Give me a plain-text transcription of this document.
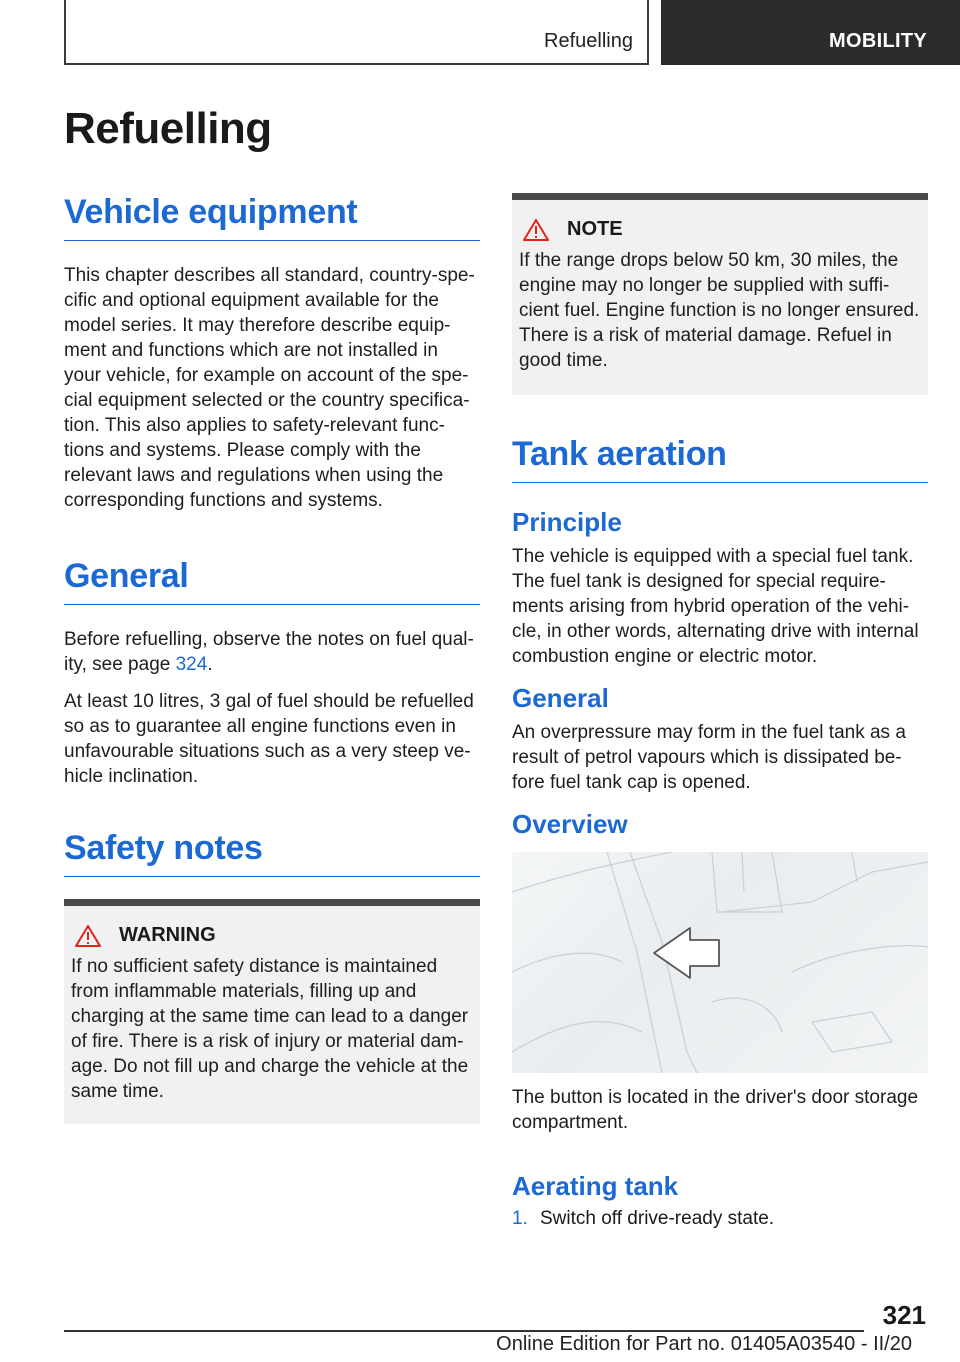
Refuelling	MOBILITY
Refuelling
Vehicle equipment

This chapter describes all standard, country-spe‐cific and optional equipment available for the model series. It may therefore describe equip‐ment and functions which are not installed in your vehicle, for example on account of the spe‐cial equipment selected or the country specifica‐tion. This also applies to safety-relevant func‐tions and systems. Please comply with the relevant laws and regulations when using the corresponding functions and systems.

General

Before refuelling, observe the notes on fuel qual‐ity, see page 324.

At least 10 litres, 3 gal of fuel should be refuelled so as to guarantee all engine functions even in unfavourable situations such as a very steep ve‐hicle inclination.

Safety notes
WARNING

If no sufficient safety distance is maintained from inflammable materials, filling up and charging at the same time can lead to a danger of fire. There is a risk of injury or material dam‐age. Do not fill up and charge the vehicle at the same time.

NOTE

If the range drops below 50 km, 30 miles, the engine may no longer be supplied with suffi‐cient fuel. Engine function is no longer ensured. There is a risk of material damage. Refuel in good time.

Tank aeration
Principle

The vehicle is equipped with a special fuel tank. The fuel tank is designed for special require‐ments arising from hybrid operation of the vehi‐cle, in other words, alternating drive with internal combustion engine or electric motor.

General

An overpressure may form in the fuel tank as a result of petrol vapours which is dissipated be‐fore fuel tank cap is opened.

Overview

The button is located in the driver's door storage compartment.

Aerating tank
1. Switch off drive-ready state.
321
Online Edition for Part no. 01405A03540 - II/20
